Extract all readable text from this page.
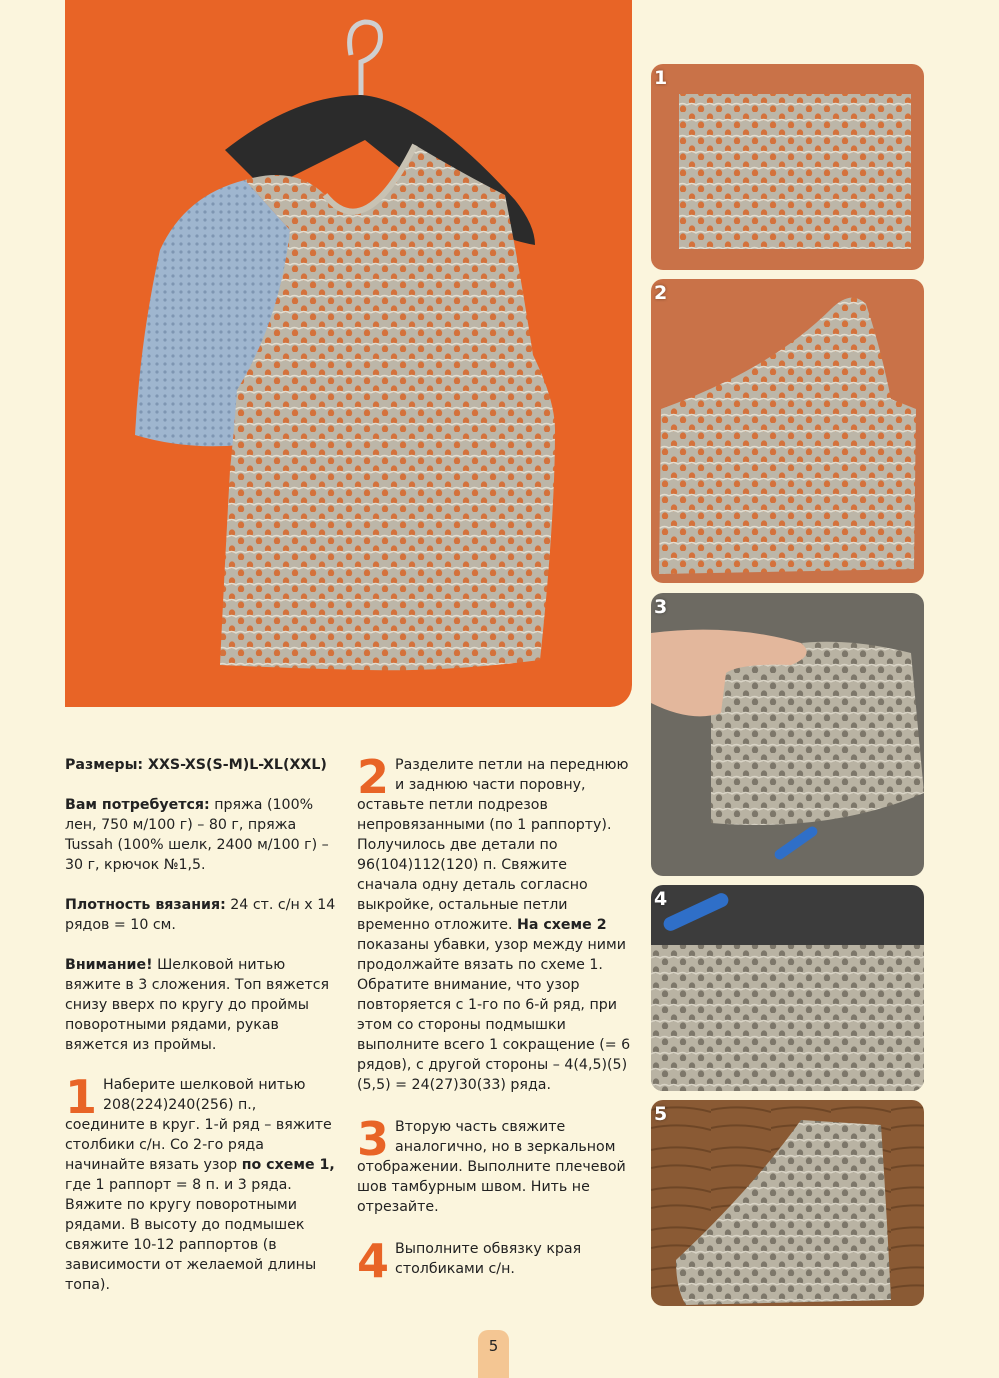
1
2
3
4
5

Размеры: XXS-XS(S-M)L-XL(XXL)

Вам потребуется: пряжа (100% лен, 750 м/100 г) – 80 г, пряжа Tussah (100% шелк, 2400 м/100 г) – 30 г, крючок №1,5.

Плотность вязания: 24 ст. с/н х 14 рядов = 10 см.

Внимание! Шелковой нитью вяжите в 3 сложения. Топ вяжется снизу вверх по кругу до проймы поворотными рядами, рукав вяжется из проймы.

1 Наберите шелковой нитью 208(224)240(256) п., соедините в круг. 1-й ряд – вяжите столбики с/н. Со 2-го ряда начинайте вязать узор по схеме 1, где 1 раппорт = 8 п. и 3 ряда. Вяжите по кругу поворотными рядами. В высоту до подмышек свяжите 10-12 раппортов (в зависимости от желаемой длины топа).

2 Разделите петли на переднюю и заднюю части поровну, оставьте петли подрезов непровязанными (по 1 раппорту). Получилось две детали по 96(104)112(120) п. Свяжите сначала одну деталь согласно выкройке, остальные петли временно отложите. На схеме 2 показаны убавки, узор между ними продолжайте вязать по схеме 1. Обратите внимание, что узор повторяется с 1-го по 6-й ряд, при этом со стороны подмышки выполните всего 1 сокращение (= 6 рядов), с другой стороны – 4(4,5)(5)(5,5) = 24(27)30(33) ряда.

3 Вторую часть свяжите аналогично, но в зеркальном отображении. Выполните плечевой шов тамбурным швом. Нить не отрезайте.

4 Выполните обвязку края столбиками с/н.

5
